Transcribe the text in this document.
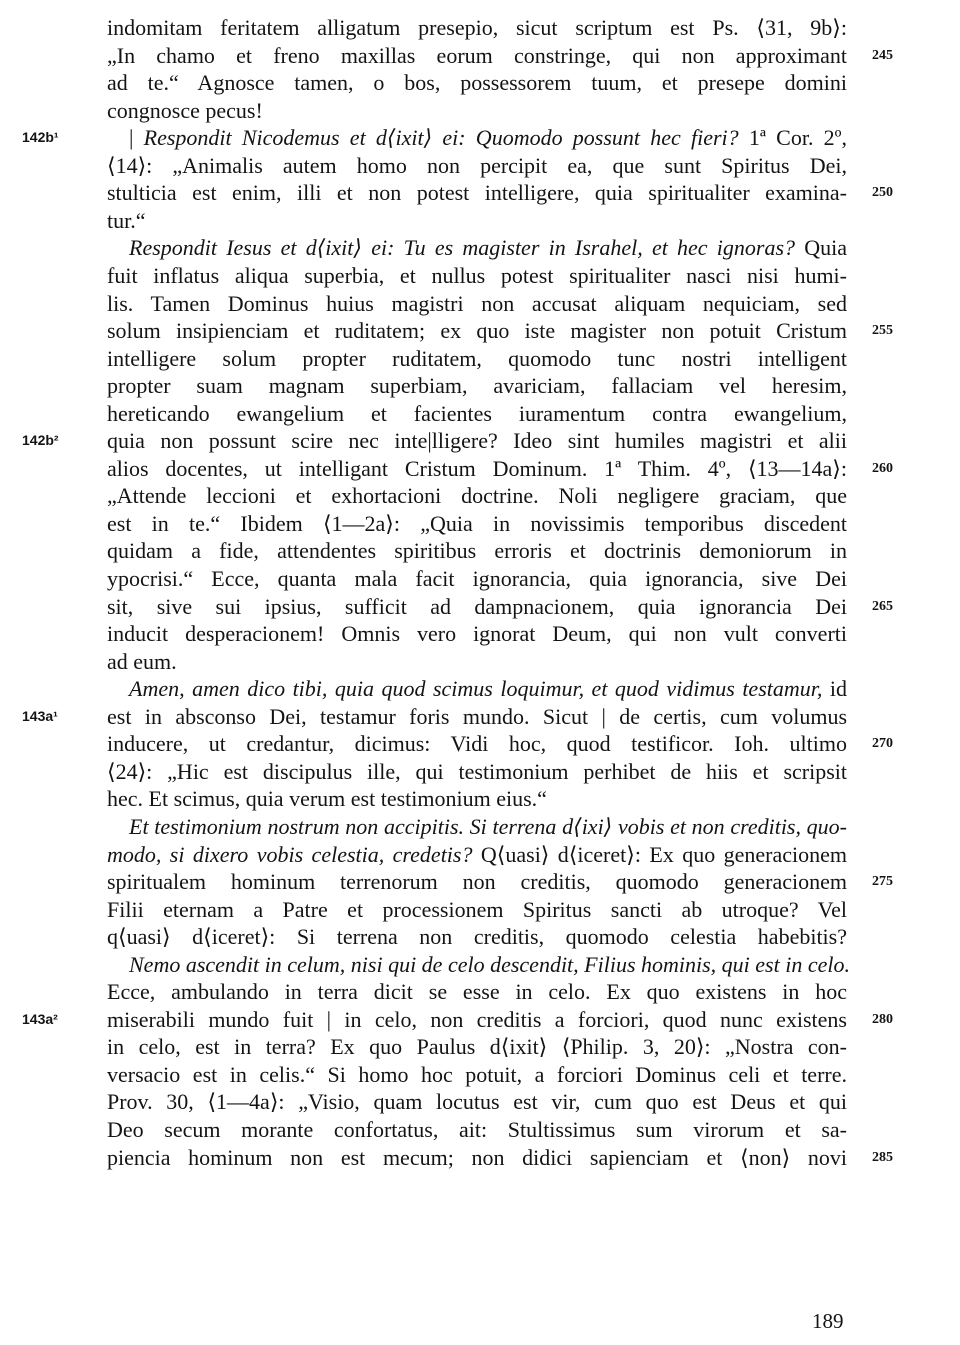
indomitam feritatem alligatum presepio, sicut scriptum est Ps. ⟨31, 9b⟩:
„In chamo et freno maxillas eorum constringe, qui non approximant
ad te.“ Agnosce tamen, o bos, possessorem tuum, et presepe domini
congnosce pecus!
| Respondit Nicodemus et d⟨ixit⟩ ei: Quomodo possunt hec fieri? 1ª Cor. 2º,
⟨14⟩: „Animalis autem homo non percipit ea, que sunt Spiritus Dei,
stulticia est enim, illi et non potest intelligere, quia spiritualiter examina-
tur.“
Respondit Iesus et d⟨ixit⟩ ei: Tu es magister in Israhel, et hec ignoras? Quia
fuit inflatus aliqua superbia, et nullus potest spiritualiter nasci nisi humi-
lis. Tamen Dominus huius magistri non accusat aliquam nequiciam, sed
solum insipienciam et ruditatem; ex quo iste magister non potuit Cristum
intelligere solum propter ruditatem, quomodo tunc nostri intelligent
propter suam magnam superbiam, avariciam, fallaciam vel heresim,
hereticando ewangelium et facientes iuramentum contra ewangelium,
quia non possunt scire nec inte|lligere? Ideo sint humiles magistri et alii
alios docentes, ut intelligant Cristum Dominum. 1ª Thim. 4º, ⟨13—14a⟩:
„Attende leccioni et exhortacioni doctrine. Noli negligere graciam, que
est in te.“ Ibidem ⟨1—2a⟩: „Quia in novissimis temporibus discedent
quidam a fide, attendentes spiritibus erroris et doctrinis demoniorum in
ypocrisi.“ Ecce, quanta mala facit ignorancia, quia ignorancia, sive Dei
sit, sive sui ipsius, sufficit ad dampnacionem, quia ignorancia Dei
inducit desperacionem! Omnis vero ignorat Deum, qui non vult converti
ad eum.
Amen, amen dico tibi, quia quod scimus loquimur, et quod vidimus testamur, id
est in absconso Dei, testamur foris mundo. Sicut | de certis, cum volumus
inducere, ut credantur, dicimus: Vidi hoc, quod testificor. Ioh. ultimo
⟨24⟩: „Hic est discipulus ille, qui testimonium perhibet de hiis et scripsit
hec. Et scimus, quia verum est testimonium eius.“
Et testimonium nostrum non accipitis. Si terrena d⟨ixi⟩ vobis et non creditis, quo-
modo, si dixero vobis celestia, credetis? Q⟨uasi⟩ d⟨iceret⟩: Ex quo generacionem
spiritualem hominum terrenorum non creditis, quomodo generacionem
Filii eternam a Patre et processionem Spiritus sancti ab utroque? Vel
q⟨uasi⟩ d⟨iceret⟩: Si terrena non creditis, quomodo celestia habebitis?
Nemo ascendit in celum, nisi qui de celo descendit, Filius hominis, qui est in celo.
Ecce, ambulando in terra dicit se esse in celo. Ex quo existens in hoc
miserabili mundo fuit | in celo, non creditis a forciori, quod nunc existens
in celo, est in terra? Ex quo Paulus d⟨ixit⟩ ⟨Philip. 3, 20⟩: „Nostra con-
versacio est in celis.“ Si homo hoc potuit, a forciori Dominus celi et terre.
Prov. 30, ⟨1—4a⟩: „Visio, quam locutus est vir, cum quo est Deus et qui
Deo secum morante confortatus, ait: Stultissimus sum virorum et sa-
piencia hominum non est mecum; non didici sapienciam et ⟨non⟩ novi
142b¹
142b²
143a¹
143a²
245
250
255
260
265
270
275
280
285
189
